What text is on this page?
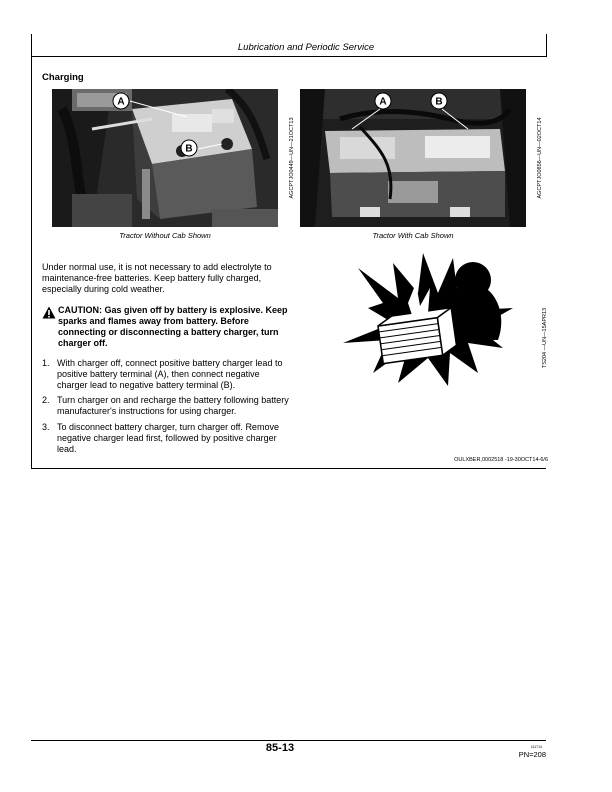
Lubrication and Periodic Service
Charging
A
B	AGCPTJO0449—UN—21OCT13
Tractor Without Cab Shown
A	B
AGCPTJO0856—UN—02OCT14
Tractor With Cab Shown
Under normal use, it is not necessary to add electrolyte to maintenance-free batteries. Keep battery fully charged, especially during cold weather.
CAUTION: Gas given off by battery is explosive. Keep sparks and flames away from battery. Before connecting or disconnecting a battery charger, turn charger off.
1. With charger off, connect positive battery charger lead to positive battery terminal (A), then connect negative charger lead to negative battery terminal (B).
2. Turn charger on and recharge the battery following battery manufacturer's instructions for using charger.
3. To disconnect battery charger, turn charger off. Remove negative charger lead first, followed by positive charger lead.
TS204 —UN—15APR13
OULXBER,0002518 -19-30OCT14-6/6
85-13	111714
PN=208
